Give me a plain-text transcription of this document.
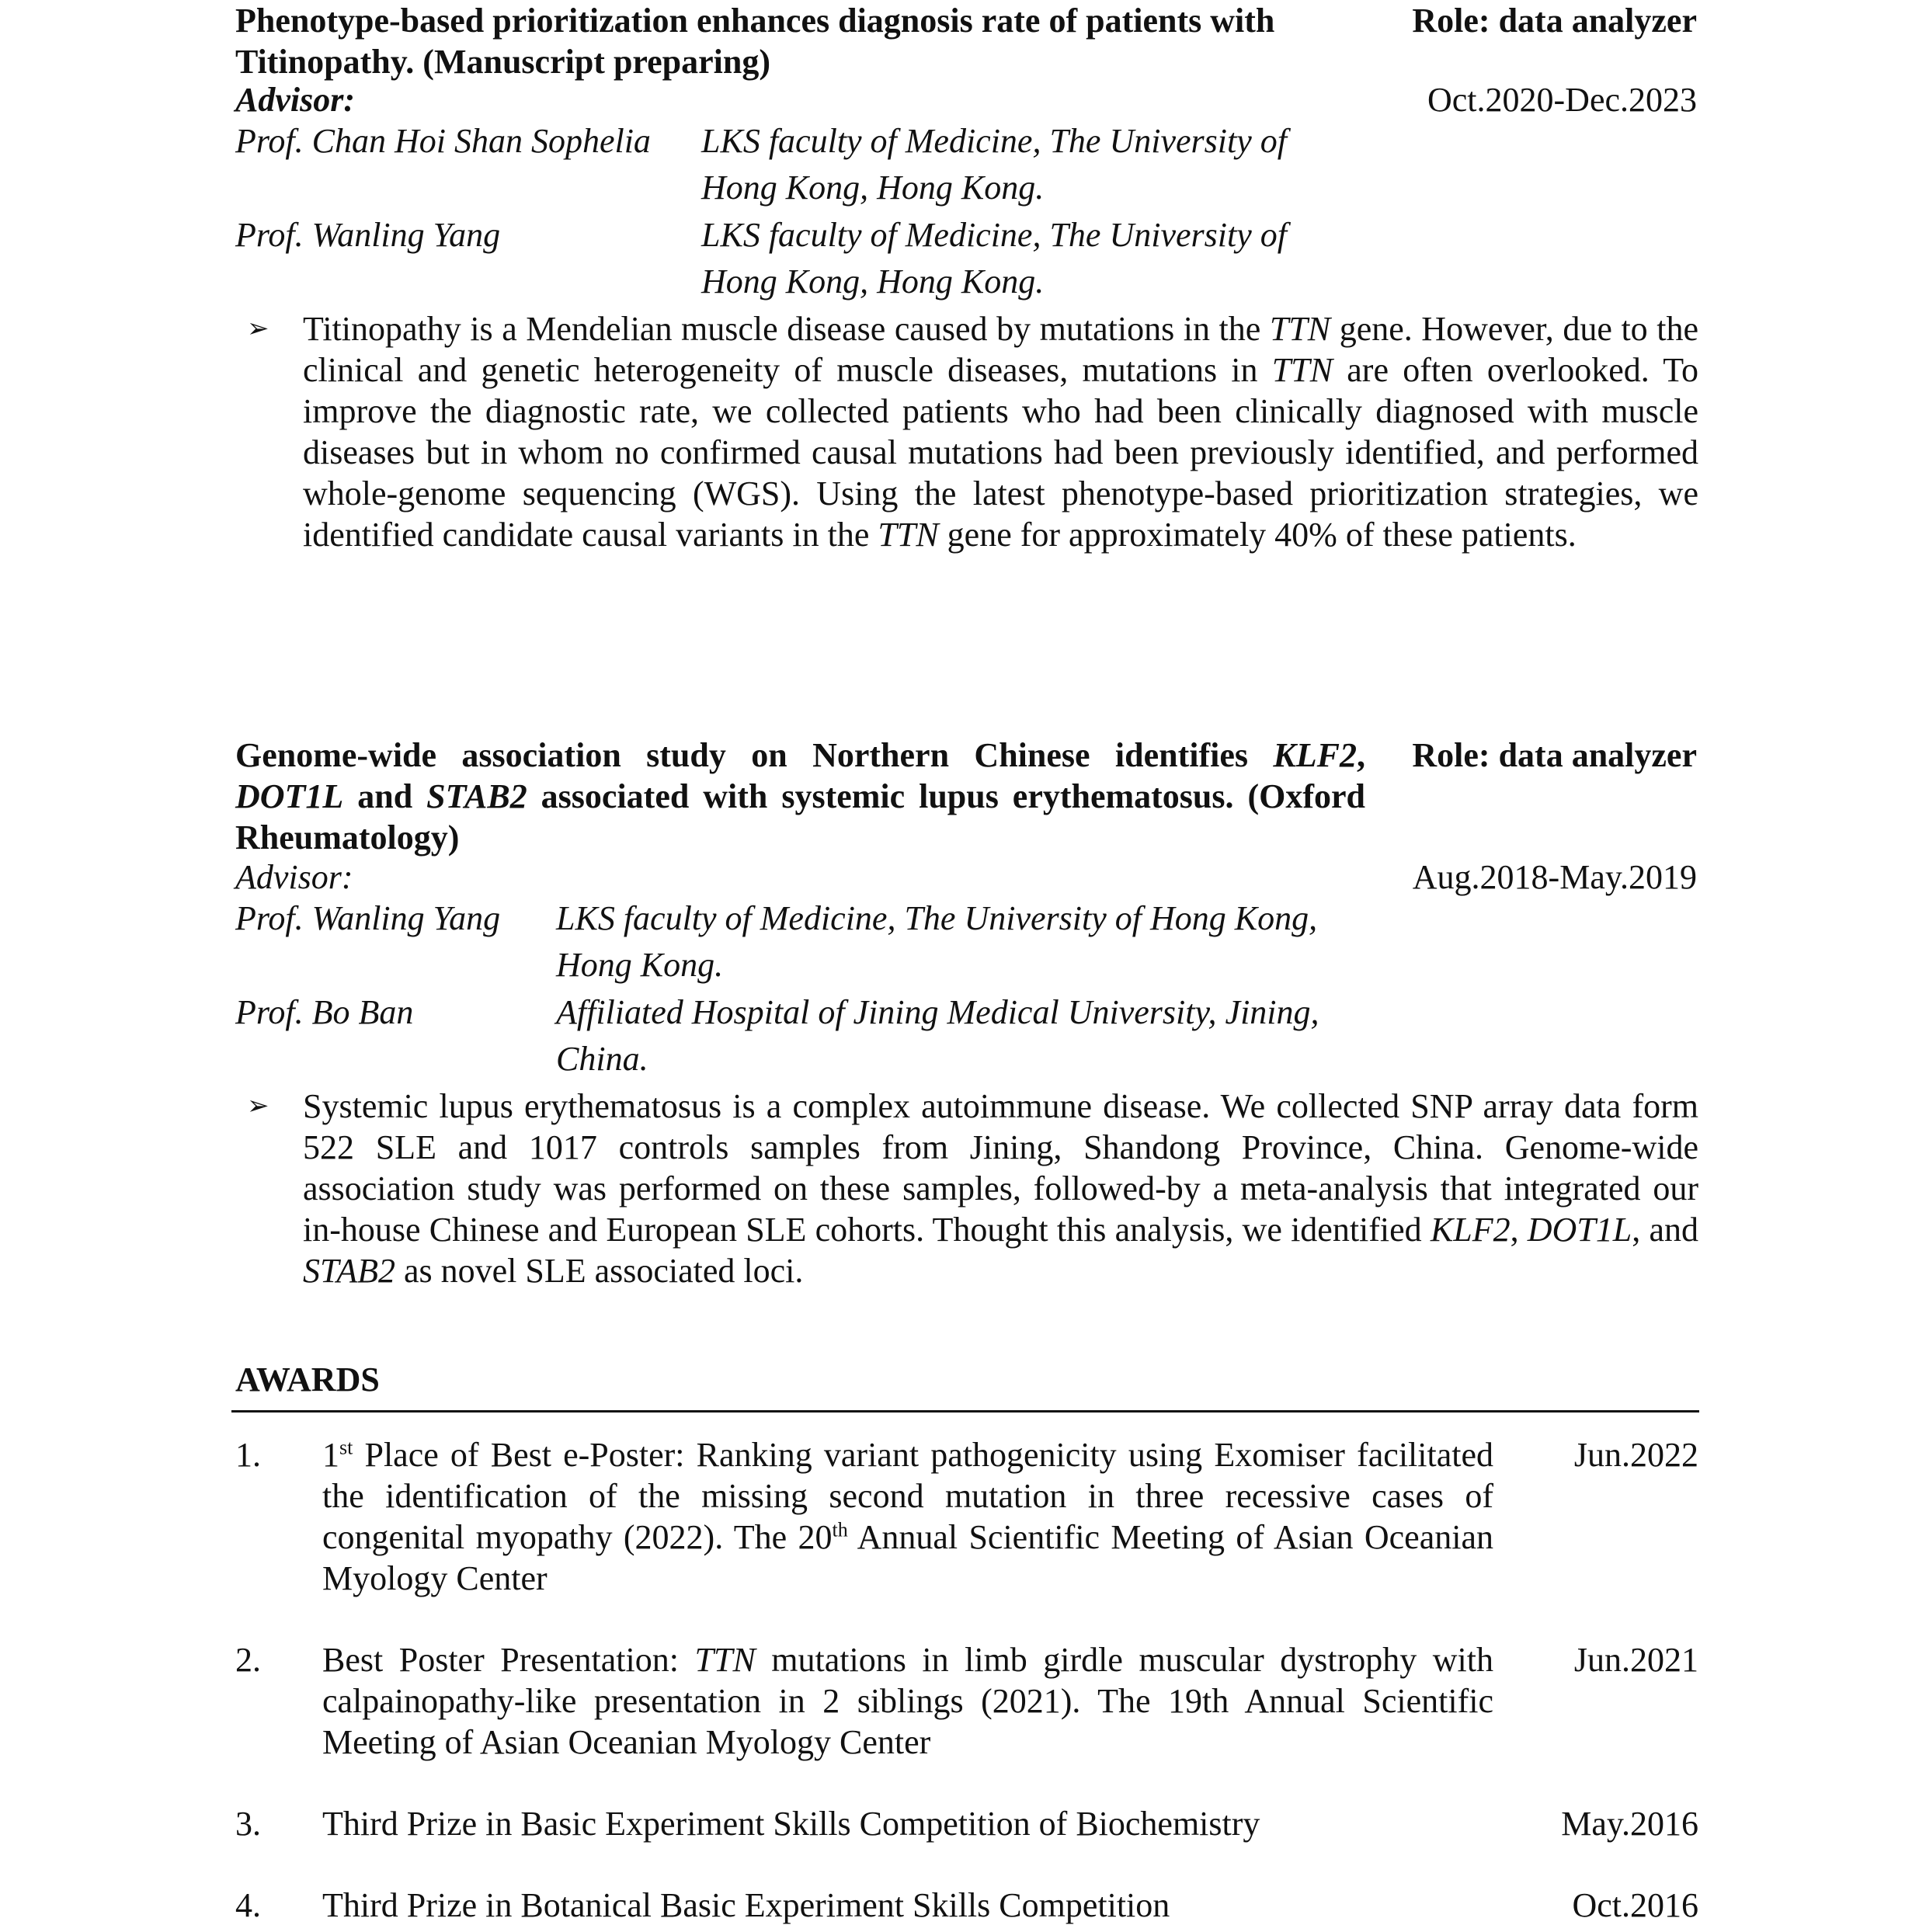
Phenotype-based prioritization enhances diagnosis rate of patients with
Titinopathy. (Manuscript preparing)
Role: data analyzer
Advisor:	Oct.2020-Dec.2023
Prof. Chan Hoi Shan Sophelia LKS faculty of Medicine, The University of
Hong Kong, Hong Kong.
Prof. Wanling Yang	LKS faculty of Medicine, The University of
Hong Kong, Hong Kong.
➢ Titinopathy is a Mendelian muscle disease caused by mutations in the TTN gene. However, due to the clinical and genetic heterogeneity of muscle diseases, mutations in TTN are often overlooked. To improve the diagnostic rate, we collected patients who had been clinically diagnosed with muscle diseases but in whom no confirmed causal mutations had been previously identified, and performed whole-genome sequencing (WGS). Using the latest phenotype-based prioritization strategies, we identified candidate causal variants in the TTN gene for approximately 40% of these patients.
Genome-wide association study on Northern Chinese identifies KLF2, DOT1L and STAB2 associated with systemic lupus erythematosus. (Oxford Rheumatology)
Role: data analyzer
Advisor:	Aug.2018-May.2019
Prof. Wanling Yang LKS faculty of Medicine, The University of Hong Kong,
Hong Kong.
Prof. Bo Ban	Affiliated Hospital of Jining Medical University, Jining,
China.
➢ Systemic lupus erythematosus is a complex autoimmune disease. We collected SNP array data form 522 SLE and 1017 controls samples from Jining, Shandong Province, China. Genome-wide association study was performed on these samples, followed-by a meta-analysis that integrated our in-house Chinese and European SLE cohorts. Thought this analysis, we identified KLF2, DOT1L, and STAB2 as novel SLE associated loci.
AWARDS
1. 1st Place of Best e-Poster: Ranking variant pathogenicity using Exomiser facilitated the identification of the missing second mutation in three recessive cases of congenital myopathy (2022). The 20th Annual Scientific Meeting of Asian Oceanian Myology Center
Jun.2022
2. Best Poster Presentation: TTN mutations in limb girdle muscular dystrophy with calpainopathy-like presentation in 2 siblings (2021). The 19th Annual Scientific Meeting of Asian Oceanian Myology Center
Jun.2021
3. Third Prize in Basic Experiment Skills Competition of Biochemistry	May.2016
4. Third Prize in Botanical Basic Experiment Skills Competition	Oct.2016
